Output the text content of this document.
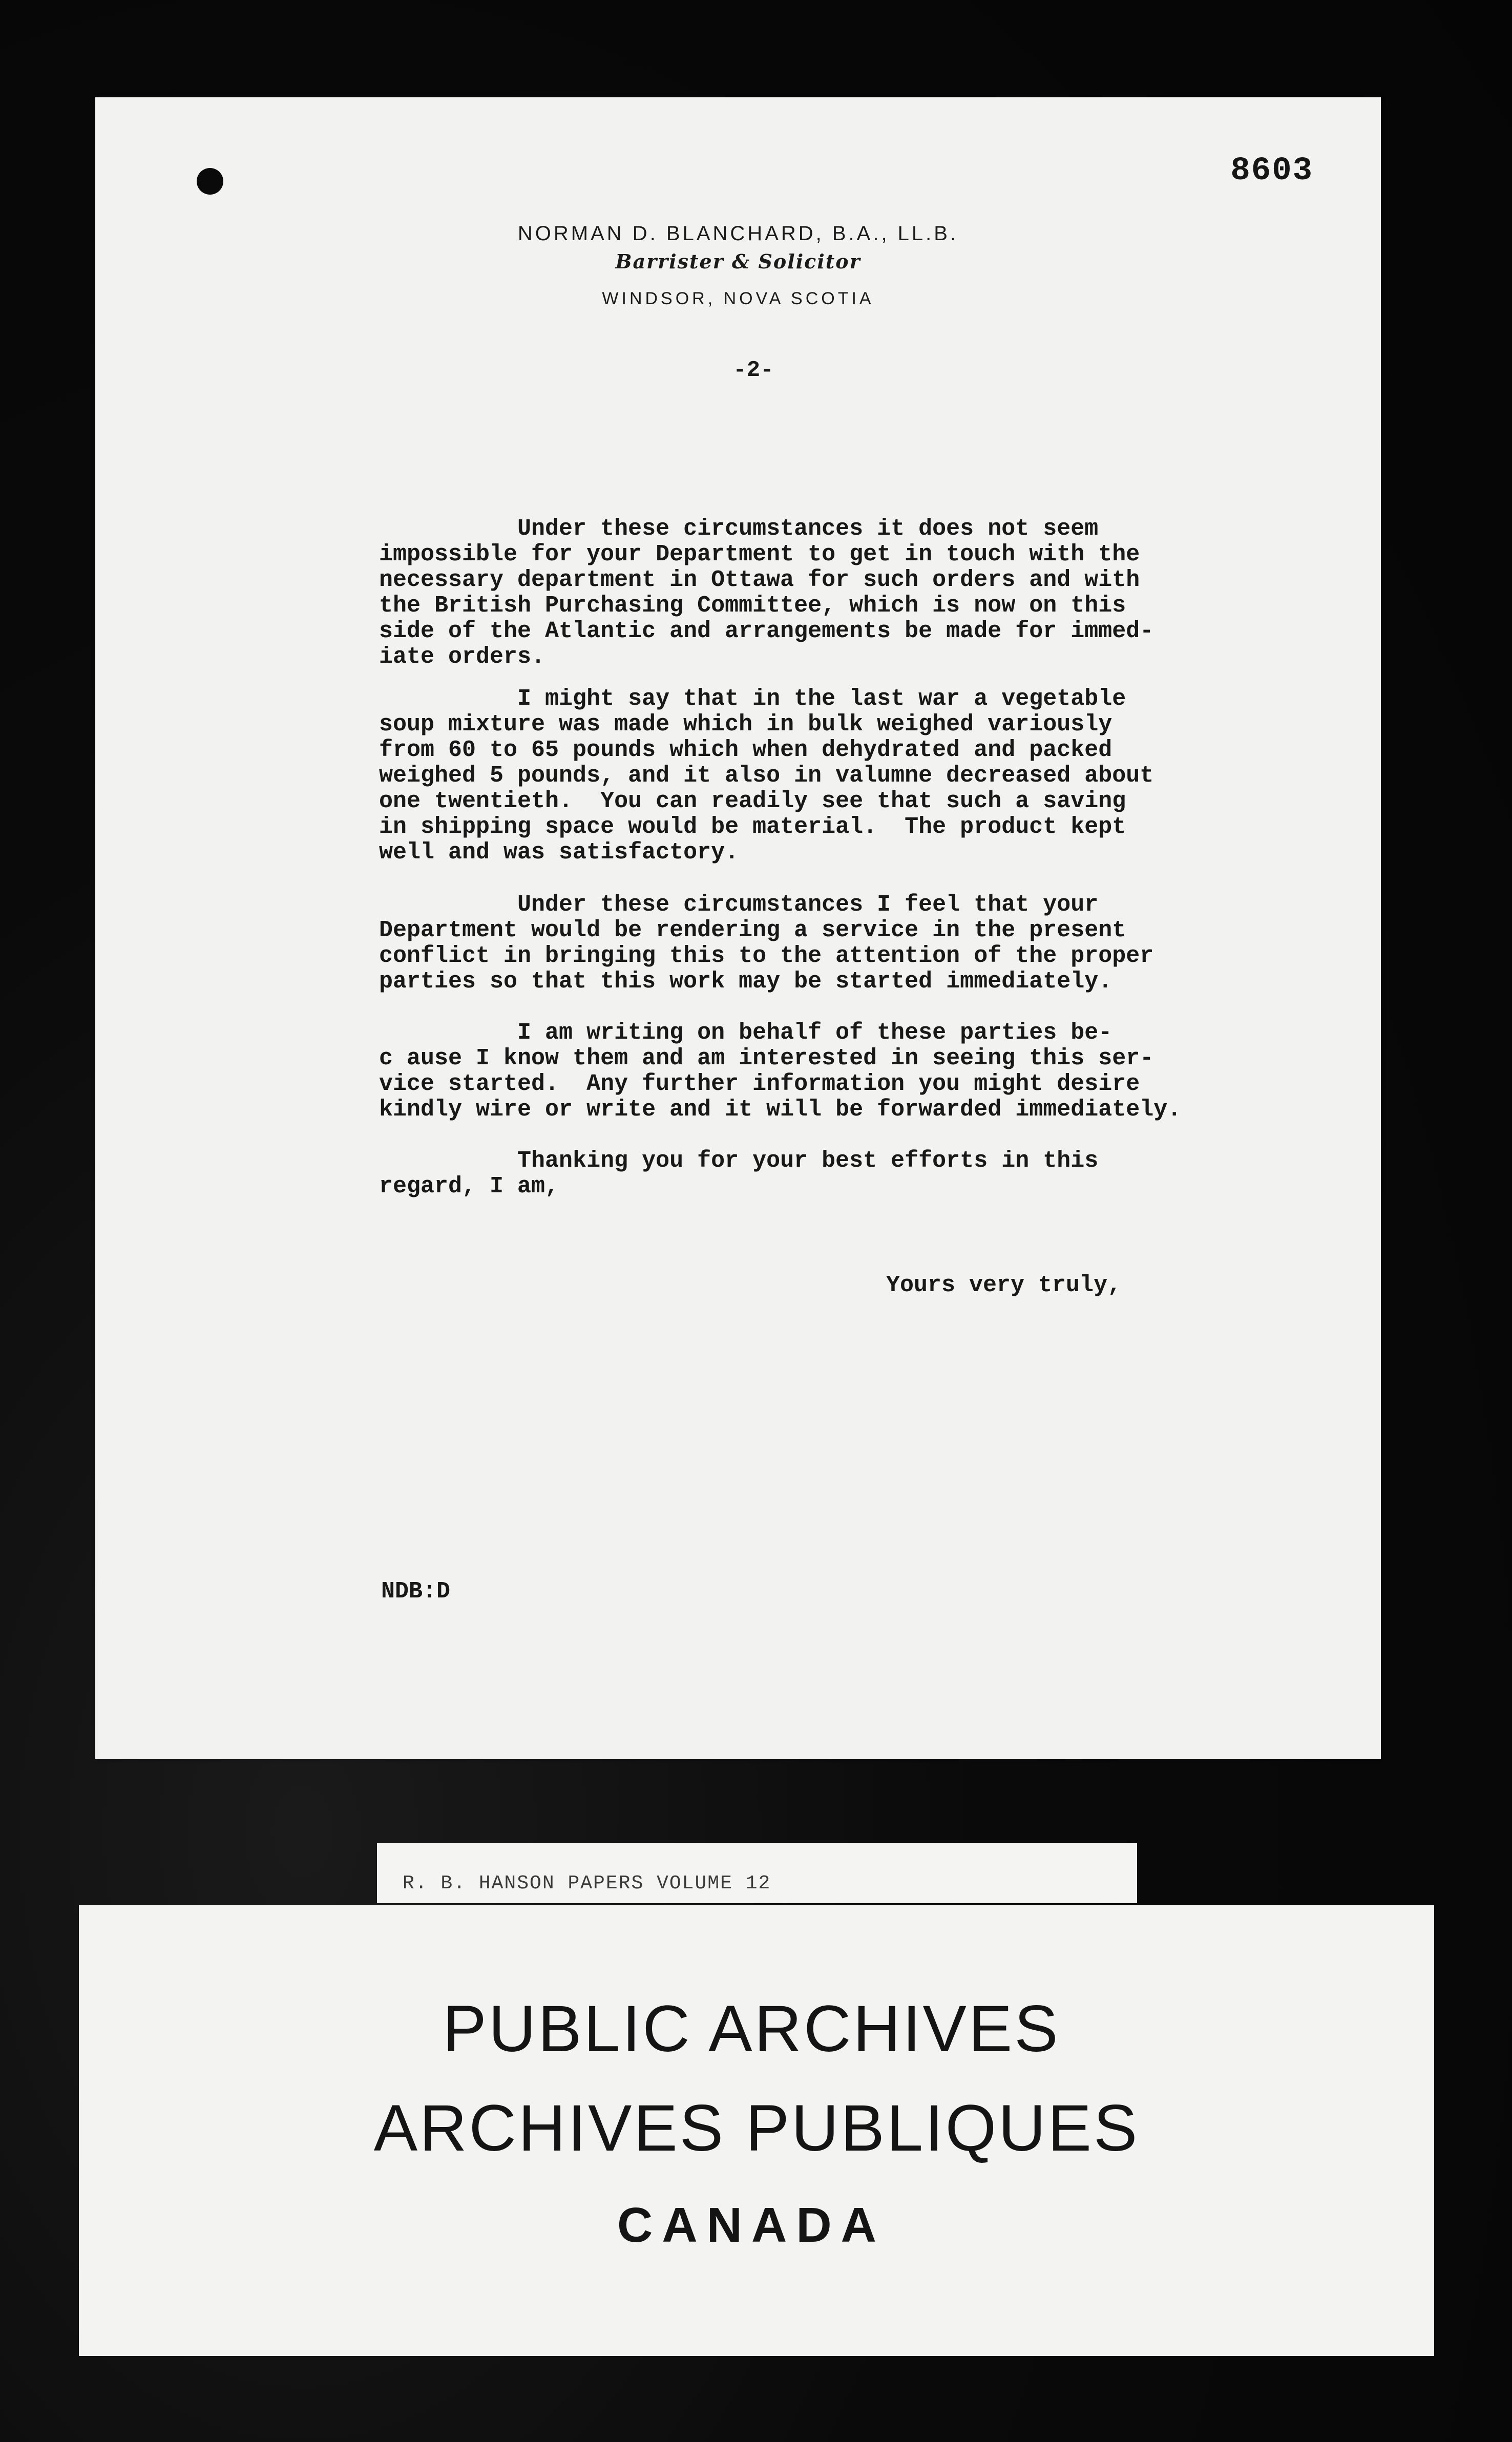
8603
NORMAN D. BLANCHARD, B.A., LL.B.
Barrister & Solicitor
WINDSOR, NOVA SCOTIA
-2-

Under these circumstances it does not seem
impossible for your Department to get in touch with the
necessary department in Ottawa for such orders and with
the British Purchasing Committee, which is now on this
side of the Atlantic and arrangements be made for immed-
iate orders.

I might say that in the last war a vegetable
soup mixture was made which in bulk weighed variously
from 60 to 65 pounds which when dehydrated and packed
weighed 5 pounds, and it also in valumne decreased about
one twentieth.  You can readily see that such a saving
in shipping space would be material.  The product kept
well and was satisfactory.

Under these circumstances I feel that your
Department would be rendering a service in the present
conflict in bringing this to the attention of the proper
parties so that this work may be started immediately.

I am writing on behalf of these parties be-
c ause I know them and am interested in seeing this ser-
vice started.  Any further information you might desire
kindly wire or write and it will be forwarded immediately.

Thanking you for your best efforts in this
regard, I am,

Yours very truly,
NDB:D
R. B. HANSON PAPERS VOLUME 12
PUBLIC ARCHIVES
ARCHIVES PUBLIQUES
CANADA
